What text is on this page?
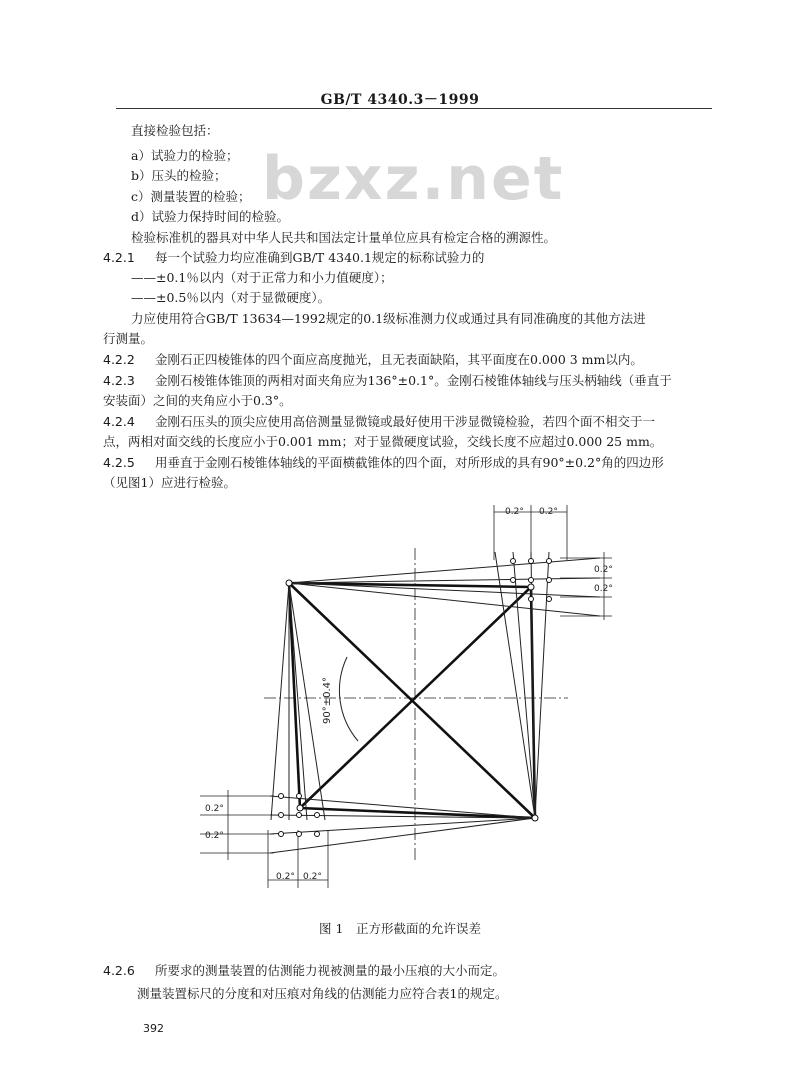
GB/T 4340.3－1999
bzxz.net
直接检验包括：
a）试验力的检验；
b）压头的检验；
c）测量装置的检验；
d）试验力保持时间的检验。
检验标准机的器具对中华人民共和国法定计量单位应具有检定合格的溯源性。
4.2.1 每一个试验力均应准确到GB/T 4340.1规定的标称试验力的
——±0.1％以内（对于正常力和小力值硬度）；
——±0.5％以内（对于显微硬度）。
力应使用符合GB/T 13634—1992规定的0.1级标准测力仪或通过具有同准确度的其他方法进
行测量。
4.2.2 金刚石正四棱锥体的四个面应高度抛光，且无表面缺陷，其平面度在0.000 3 mm以内。
4.2.3 金刚石棱锥体锥顶的两相对面夹角应为136°±0.1°。金刚石棱锥体轴线与压头柄轴线（垂直于
安装面）之间的夹角应小于0.3°。
4.2.4 金刚石压头的顶尖应使用高倍测量显微镜或最好使用干涉显微镜检验，若四个面不相交于一
点，两相对面交线的长度应小于0.001 mm；对于显微硬度试验，交线长度不应超过0.000 25 mm。
4.2.5 用垂直于金刚石棱锥体轴线的平面横截锥体的四个面，对所形成的具有90°±0.2°角的四边形
（见图1）应进行检验。
90°±0.4°
0.2° 0.2°
0.2°
0.2°
0.2°
0.2°
0.2° 0.2°
图 1　正方形截面的允许误差
4.2.6 所要求的测量装置的估测能力视被测量的最小压痕的大小而定。
测量装置标尺的分度和对压痕对角线的估测能力应符合表1的规定。
392
